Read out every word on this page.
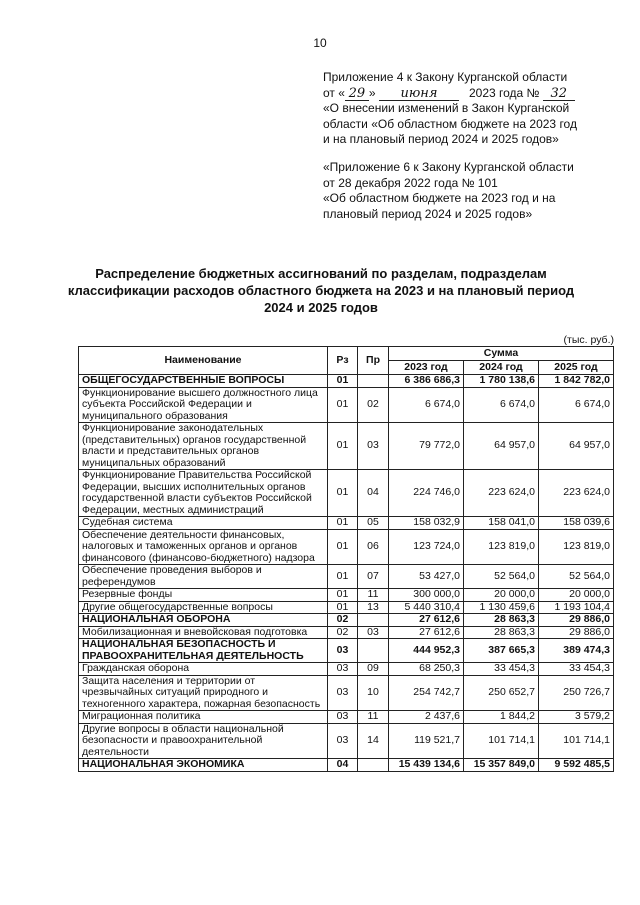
10
Приложение 4 к Закону Курганской области
от « 29 » июня	2023 года № 32
«О внесении изменений в Закон Курганской
области «Об областном бюджете на 2023 год
и на плановый период 2024 и 2025 годов»
«Приложение 6 к Закону Курганской области
от 28 декабря 2022 года № 101
«Об областном бюджете на 2023 год и на
плановый период 2024 и 2025 годов»
Распределение бюджетных ассигнований по разделам, подразделам
классификации расходов областного бюджета на 2023 и на плановый период
2024 и 2025 годов
(тыс. руб.)
Наименование	Рз	Пр	Сумма		
			2023 год	2024 год	2025 год
ОБЩЕГОСУДАРСТВЕННЫЕ ВОПРОСЫ	01		6 386 686,3	1 780 138,6	1 842 782,0
Функционирование высшего должностного лица субъекта Российской Федерации и муниципального образования	01	02	6 674,0	6 674,0	6 674,0
Функционирование законодательных (представительных) органов государственной власти и представительных органов муниципальных образований	01	03	79 772,0	64 957,0	64 957,0
Функционирование Правительства Российской Федерации, высших исполнительных органов государственной власти субъектов Российской Федерации, местных администраций	01	04	224 746,0	223 624,0	223 624,0
Судебная система	01	05	158 032,9	158 041,0	158 039,6
Обеспечение деятельности финансовых, налоговых и таможенных органов и органов финансового (финансово-бюджетного) надзора	01	06	123 724,0	123 819,0	123 819,0
Обеспечение проведения выборов и референдумов	01	07	53 427,0	52 564,0	52 564,0
Резервные фонды	01	11	300 000,0	20 000,0	20 000,0
Другие общегосударственные вопросы	01	13	5 440 310,4	1 130 459,6	1 193 104,4
НАЦИОНАЛЬНАЯ ОБОРОНА	02		27 612,6	28 863,3	29 886,0
Мобилизационная и вневойсковая подготовка	02	03	27 612,6	28 863,3	29 886,0
НАЦИОНАЛЬНАЯ БЕЗОПАСНОСТЬ И ПРАВООХРАНИТЕЛЬНАЯ ДЕЯТЕЛЬНОСТЬ	03		444 952,3	387 665,3	389 474,3
Гражданская оборона	03	09	68 250,3	33 454,3	33 454,3
Защита населения и территории от чрезвычайных ситуаций природного и техногенного характера, пожарная безопасность	03	10	254 742,7	250 652,7	250 726,7
Миграционная политика	03	11	2 437,6	1 844,2	3 579,2
Другие вопросы в области национальной безопасности и правоохранительной деятельности	03	14	119 521,7	101 714,1	101 714,1
НАЦИОНАЛЬНАЯ ЭКОНОМИКА	04		15 439 134,6	15 357 849,0	9 592 485,5
